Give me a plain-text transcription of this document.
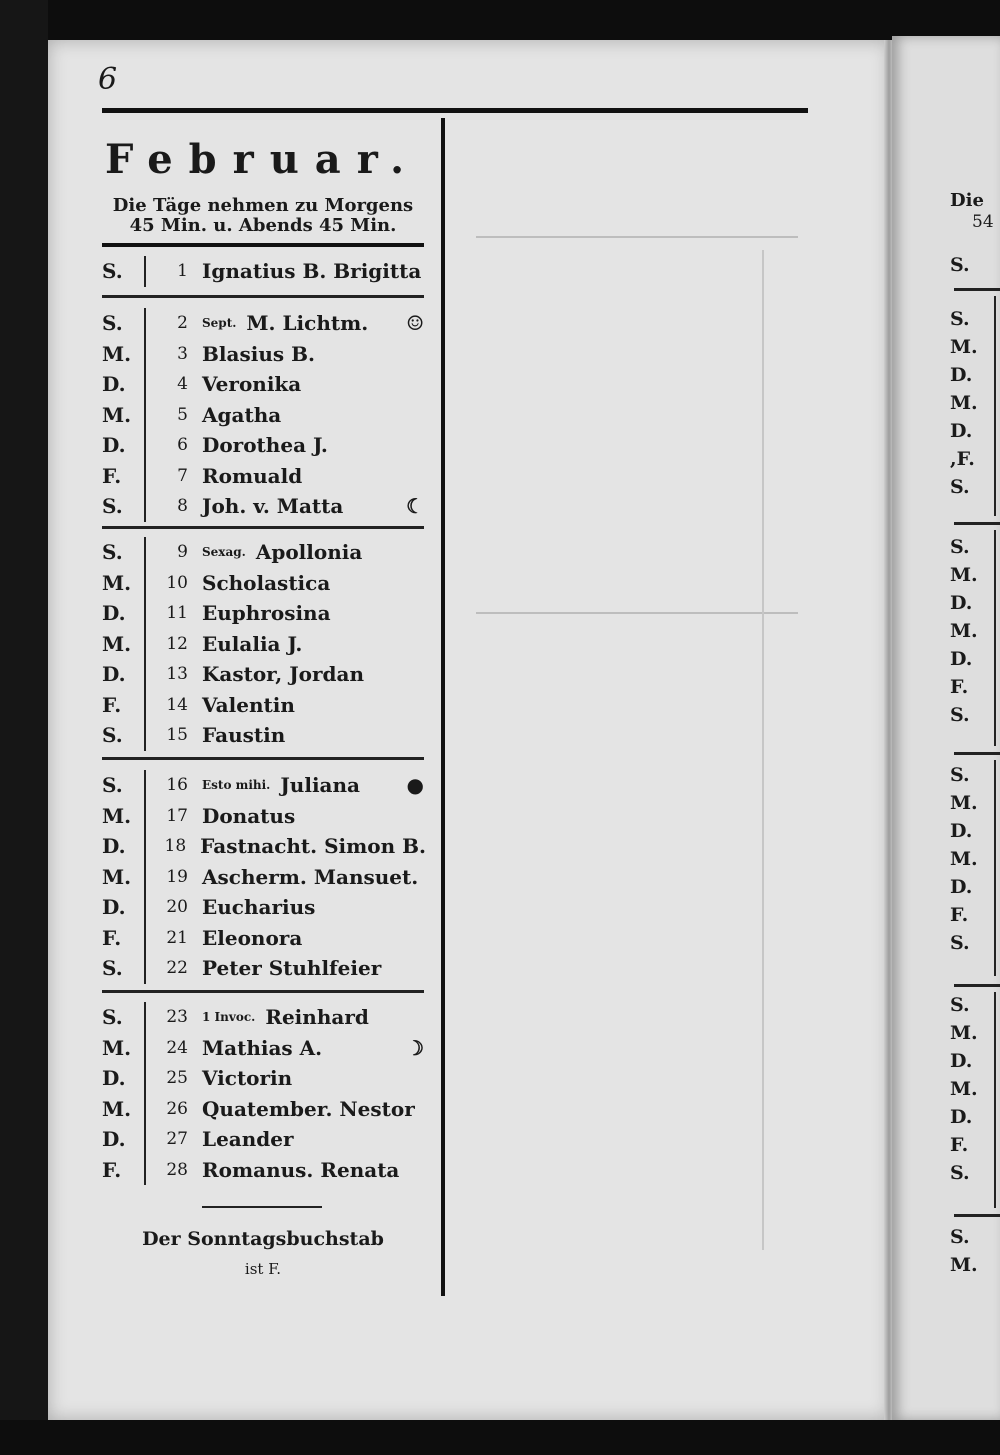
6
Februar.
Die Täge nehmen zu Morgens
45 Min. u. Abends 45 Min.
S.	1 Ignatius B. Brigitta
S.	2	Sept. M. Lichtm. ☺
M.	3 Blasius B.
D.	4 Veronika
M.	5 Agatha
D.	6 Dorothea J.
F.	7 Romuald
S.	8 Joh. v. Matta	☾
S.	9	Sexag. Apollonia
M.	10 Scholastica
D.	11 Euphrosina
M.	12 Eulalia J.
D.	13 Kastor, Jordan
F.	14 Valentin
S.	15 Faustin
S.	16	Esto mihi. Juliana ●
M.	17 Donatus
D.	18 Fastnacht. Simon B.
M.	19 Ascherm. Mansuet.
D.	20 Eucharius
F.	21 Eleonora
S.	22 Peter Stuhlfeier
S.	23	1 Invoc. Reinhard
M.	24 Mathias A.	☽
D.	25 Victorin
M.	26 Quatember. Nestor
D.	27 Leander
F.	28 Romanus. Renata
Der Sonntagsbuchstab
ist F.
Die
54
S.
S.
M.
D.
M.
D.
,F.
S.
S.
M.
D.
M.
D.
F.
S.
S.
M.
D.
M.
D.
F.
S.
S.
M.
D.
M.
D.
F.
S.
S.
M.
